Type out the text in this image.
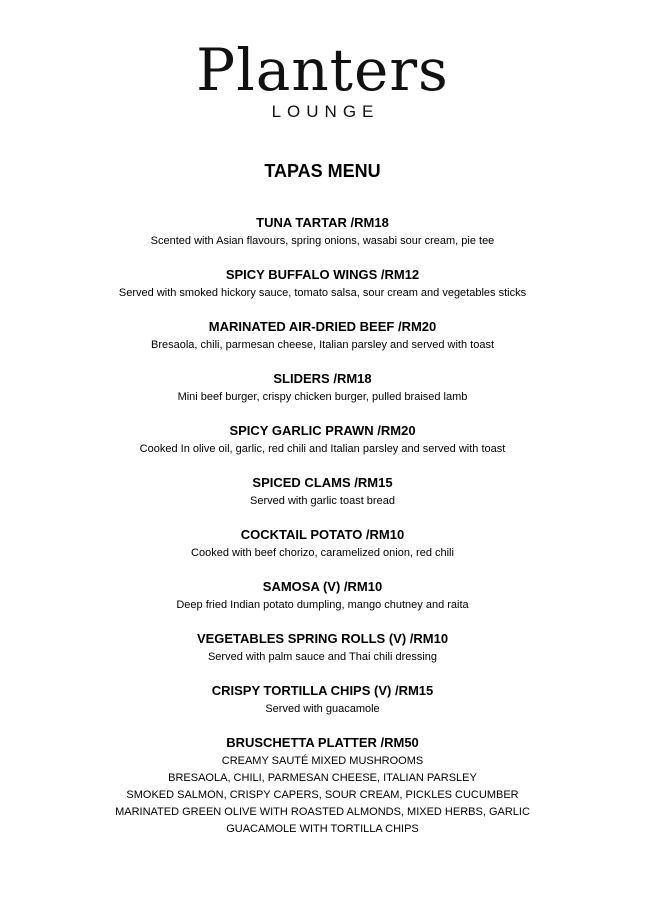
Planters
LOUNGE
TAPAS MENU
TUNA TARTAR /RM18
Scented with Asian flavours, spring onions, wasabi sour cream, pie tee
SPICY BUFFALO WINGS /RM12
Served with smoked hickory sauce, tomato salsa, sour cream and vegetables sticks
MARINATED AIR-DRIED BEEF /RM20
Bresaola, chili, parmesan cheese, Italian parsley and served with toast
SLIDERS /RM18
Mini beef burger, crispy chicken burger, pulled braised lamb
SPICY GARLIC PRAWN /RM20
Cooked In olive oil, garlic, red chili and Italian parsley and served with toast
SPICED CLAMS /RM15
Served with garlic toast bread
COCKTAIL POTATO /RM10
Cooked with beef chorizo, caramelized onion, red chili
SAMOSA (V) /RM10
Deep fried Indian potato dumpling, mango chutney and raita
VEGETABLES SPRING ROLLS (V) /RM10
Served with palm sauce and Thai chili dressing
CRISPY TORTILLA CHIPS (V) /RM15
Served with guacamole
BRUSCHETTA PLATTER /RM50
CREAMY SAUTÉ MIXED MUSHROOMS
BRESAOLA, CHILI, PARMESAN CHEESE, ITALIAN PARSLEY
SMOKED SALMON, CRISPY CAPERS, SOUR CREAM, PICKLES CUCUMBER
MARINATED GREEN OLIVE WITH ROASTED ALMONDS, MIXED HERBS, GARLIC
GUACAMOLE WITH TORTILLA CHIPS
